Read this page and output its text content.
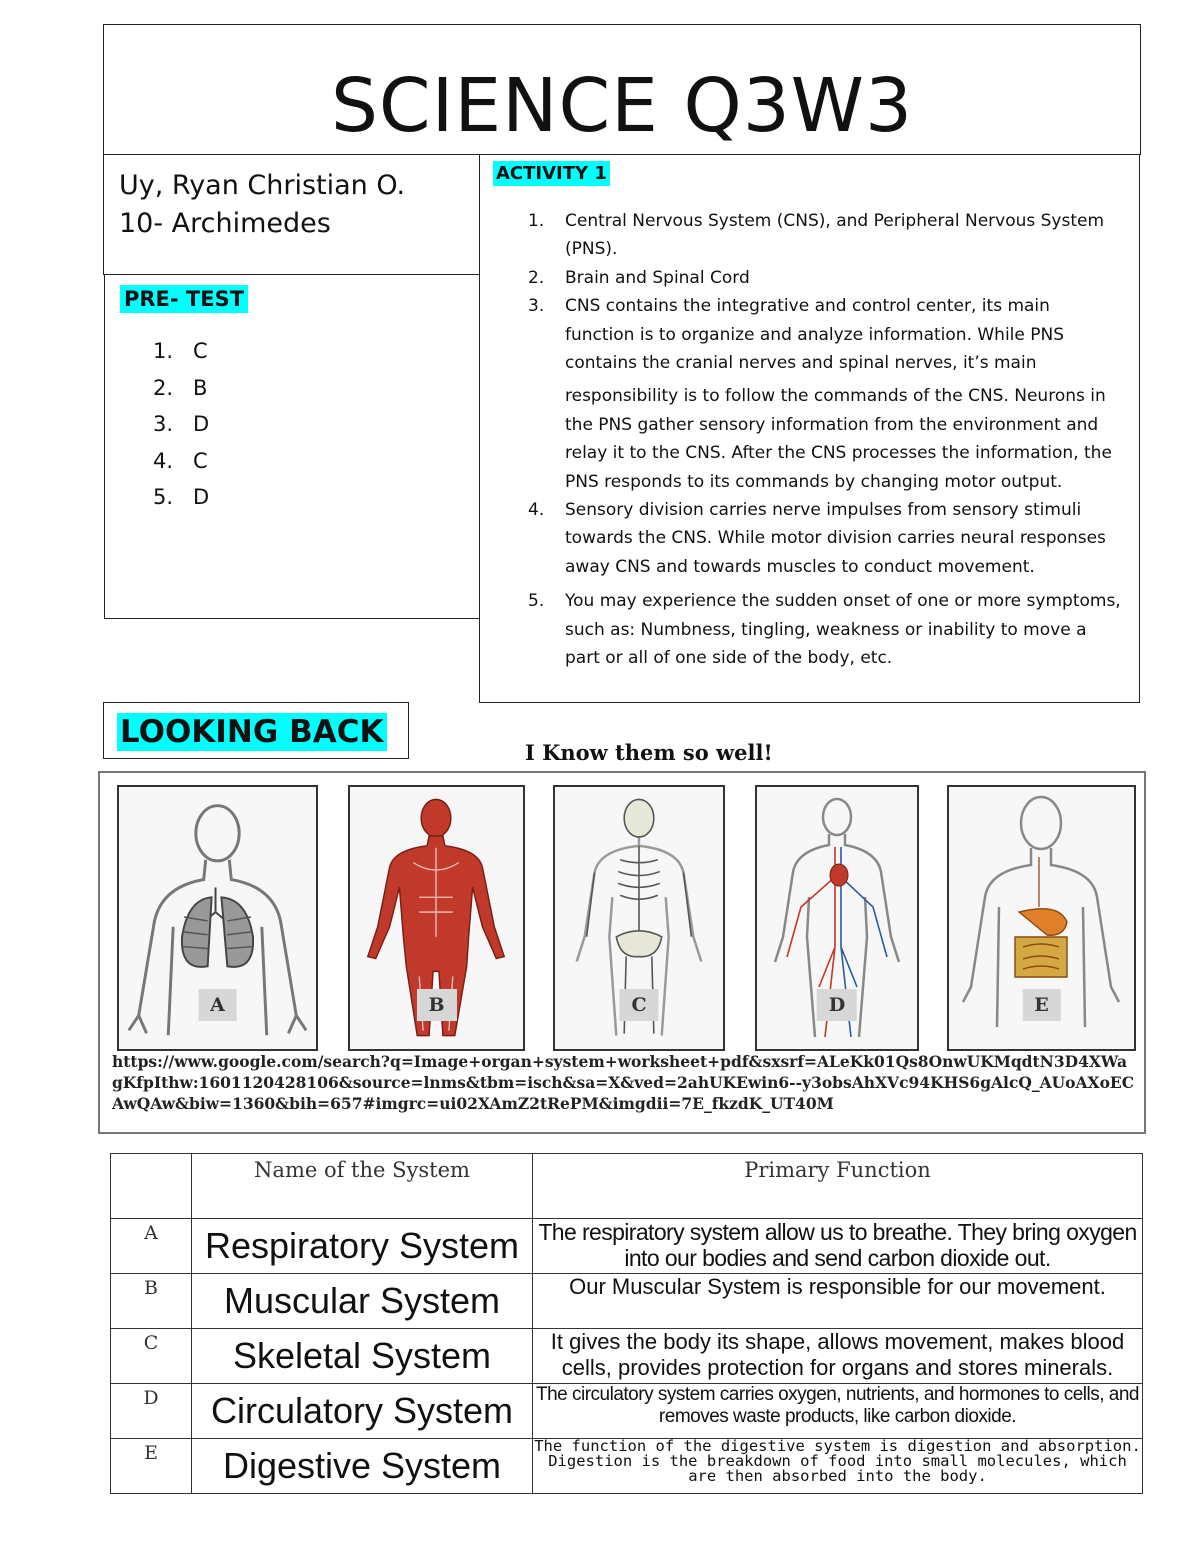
SCIENCE Q3W3
Uy, Ryan Christian O.
10- Archimedes
PRE- TEST
1. C
2. B
3. D
4. C
5. D
ACTIVITY 1
1. Central Nervous System (CNS), and Peripheral Nervous System (PNS).
2. Brain and Spinal Cord
3. CNS contains the integrative and control center, its main function is to organize and analyze information. While PNS contains the cranial nerves and spinal nerves, it’s main
responsibility is to follow the commands of the CNS. Neurons in the PNS gather sensory information from the environment and relay it to the CNS. After the CNS processes the information, the PNS responds to its commands by changing motor output.
4. Sensory division carries nerve impulses from sensory stimuli towards the CNS. While motor division carries neural responses away CNS and towards muscles to conduct movement.
5. You may experience the sudden onset of one or more symptoms, such as: Numbness, tingling, weakness or inability to move a part or all of one side of the body, etc.
LOOKING BACK
I Know them so well!
A	B	C	D	E
https://www.google.com/search?q=Image+organ+system+worksheet+pdf&sxsrf=ALeKk01Qs8OnwUKMqdtN3D4XWagKfpIthw:1601120428106&source=lnms&tbm=isch&sa=X&ved=2ahUKEwin6--y3obsAhXVc94KHS6gAlcQ_AUoAXoECAwQAw&biw=1360&bih=657#imgrc=ui02XAmZ2tRePM&imgdii=7E_fkzdK_UT40M
	Name of the System	Primary Function
A	Respiratory System	The respiratory system allow us to breathe. They bring oxygen into our bodies and send carbon dioxide out.
B	Muscular System	Our Muscular System is responsible for our movement.
C	Skeletal System	It gives the body its shape, allows movement, makes blood cells, provides protection for organs and stores minerals.
D	Circulatory System	The circulatory system carries oxygen, nutrients, and hormones to cells, and removes waste products, like carbon dioxide.
E	Digestive System	The function of the digestive system is digestion and absorption. Digestion is the breakdown of food into small molecules, which are then absorbed into the body.
